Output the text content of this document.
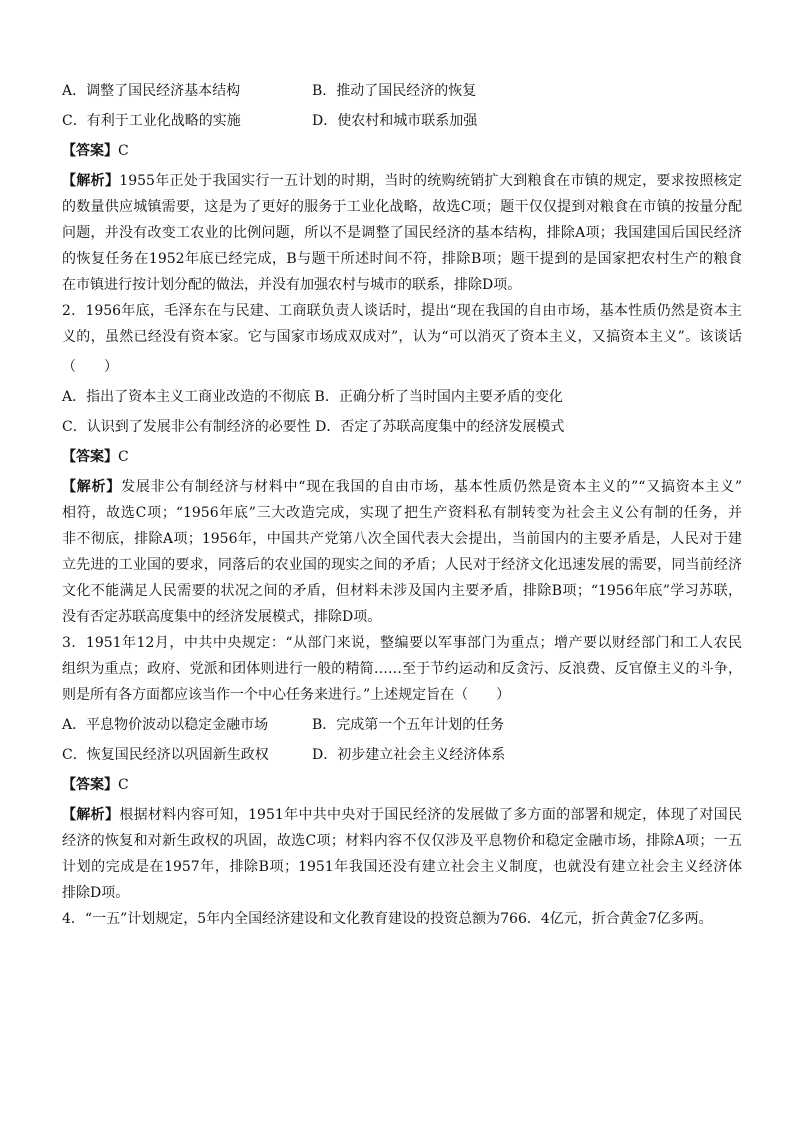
A．调整了国民经济基本结构	B．推动了国民经济的恢复
C．有利于工业化战略的实施	D．使农村和城市联系加强
【答案】C
【解析】1955年正处于我国实行一五计划的时期，当时的统购统销扩大到粮食在市镇的规定，要求按照核定
的数量供应城镇需要，这是为了更好的服务于工业化战略，故选C项；题干仅仅提到对粮食在市镇的按量分配
问题，并没有改变工农业的比例问题，所以不是调整了国民经济的基本结构，排除A项；我国建国后国民经济
的恢复任务在1952年底已经完成，B与题干所述时间不符，排除B项；题干提到的是国家把农村生产的粮食
在市镇进行按计划分配的做法，并没有加强农村与城市的联系，排除D项。
2．1956年底，毛泽东在与民建、工商联负责人谈话时，提出“现在我国的自由市场，基本性质仍然是资本主
义的，虽然已经没有资本家。它与国家市场成双成对”，认为“可以消灭了资本主义，又搞资本主义”。该谈话
（　　）
A．指出了资本主义工商业改造的不彻底 B．正确分析了当时国内主要矛盾的变化
C．认识到了发展非公有制经济的必要性 D．否定了苏联高度集中的经济发展模式
【答案】C
【解析】发展非公有制经济与材料中“现在我国的自由市场，基本性质仍然是资本主义的”“又搞资本主义”
相符，故选C项；“1956年底”三大改造完成，实现了把生产资料私有制转变为社会主义公有制的任务，并
非不彻底，排除A项；1956年，中国共产党第八次全国代表大会提出，当前国内的主要矛盾是，人民对于建
立先进的工业国的要求，同落后的农业国的现实之间的矛盾；人民对于经济文化迅速发展的需要，同当前经济
文化不能满足人民需要的状况之间的矛盾，但材料未涉及国内主要矛盾，排除B项；“1956年底”学习苏联，
没有否定苏联高度集中的经济发展模式，排除D项。
3．1951年12月，中共中央规定：“从部门来说，整编要以军事部门为重点；增产要以财经部门和工人农民
组织为重点；政府、党派和团体则进行一般的精简……至于节约运动和反贪污、反浪费、反官僚主义的斗争，
则是所有各方面都应该当作一个中心任务来进行。”上述规定旨在（　　）
A．平息物价波动以稳定金融市场	B．完成第一个五年计划的任务
C．恢复国民经济以巩固新生政权	D．初步建立社会主义经济体系
【答案】C
【解析】根据材料内容可知，1951年中共中央对于国民经济的发展做了多方面的部署和规定，体现了对国民
经济的恢复和对新生政权的巩固，故选C项；材料内容不仅仅涉及平息物价和稳定金融市场，排除A项；一五
计划的完成是在1957年，排除B项；1951年我国还没有建立社会主义制度，也就没有建立社会主义经济体
排除D项。
4．“一五”计划规定，5年内全国经济建设和文化教育建设的投资总额为766．4亿元，折合黄金7亿多两。
